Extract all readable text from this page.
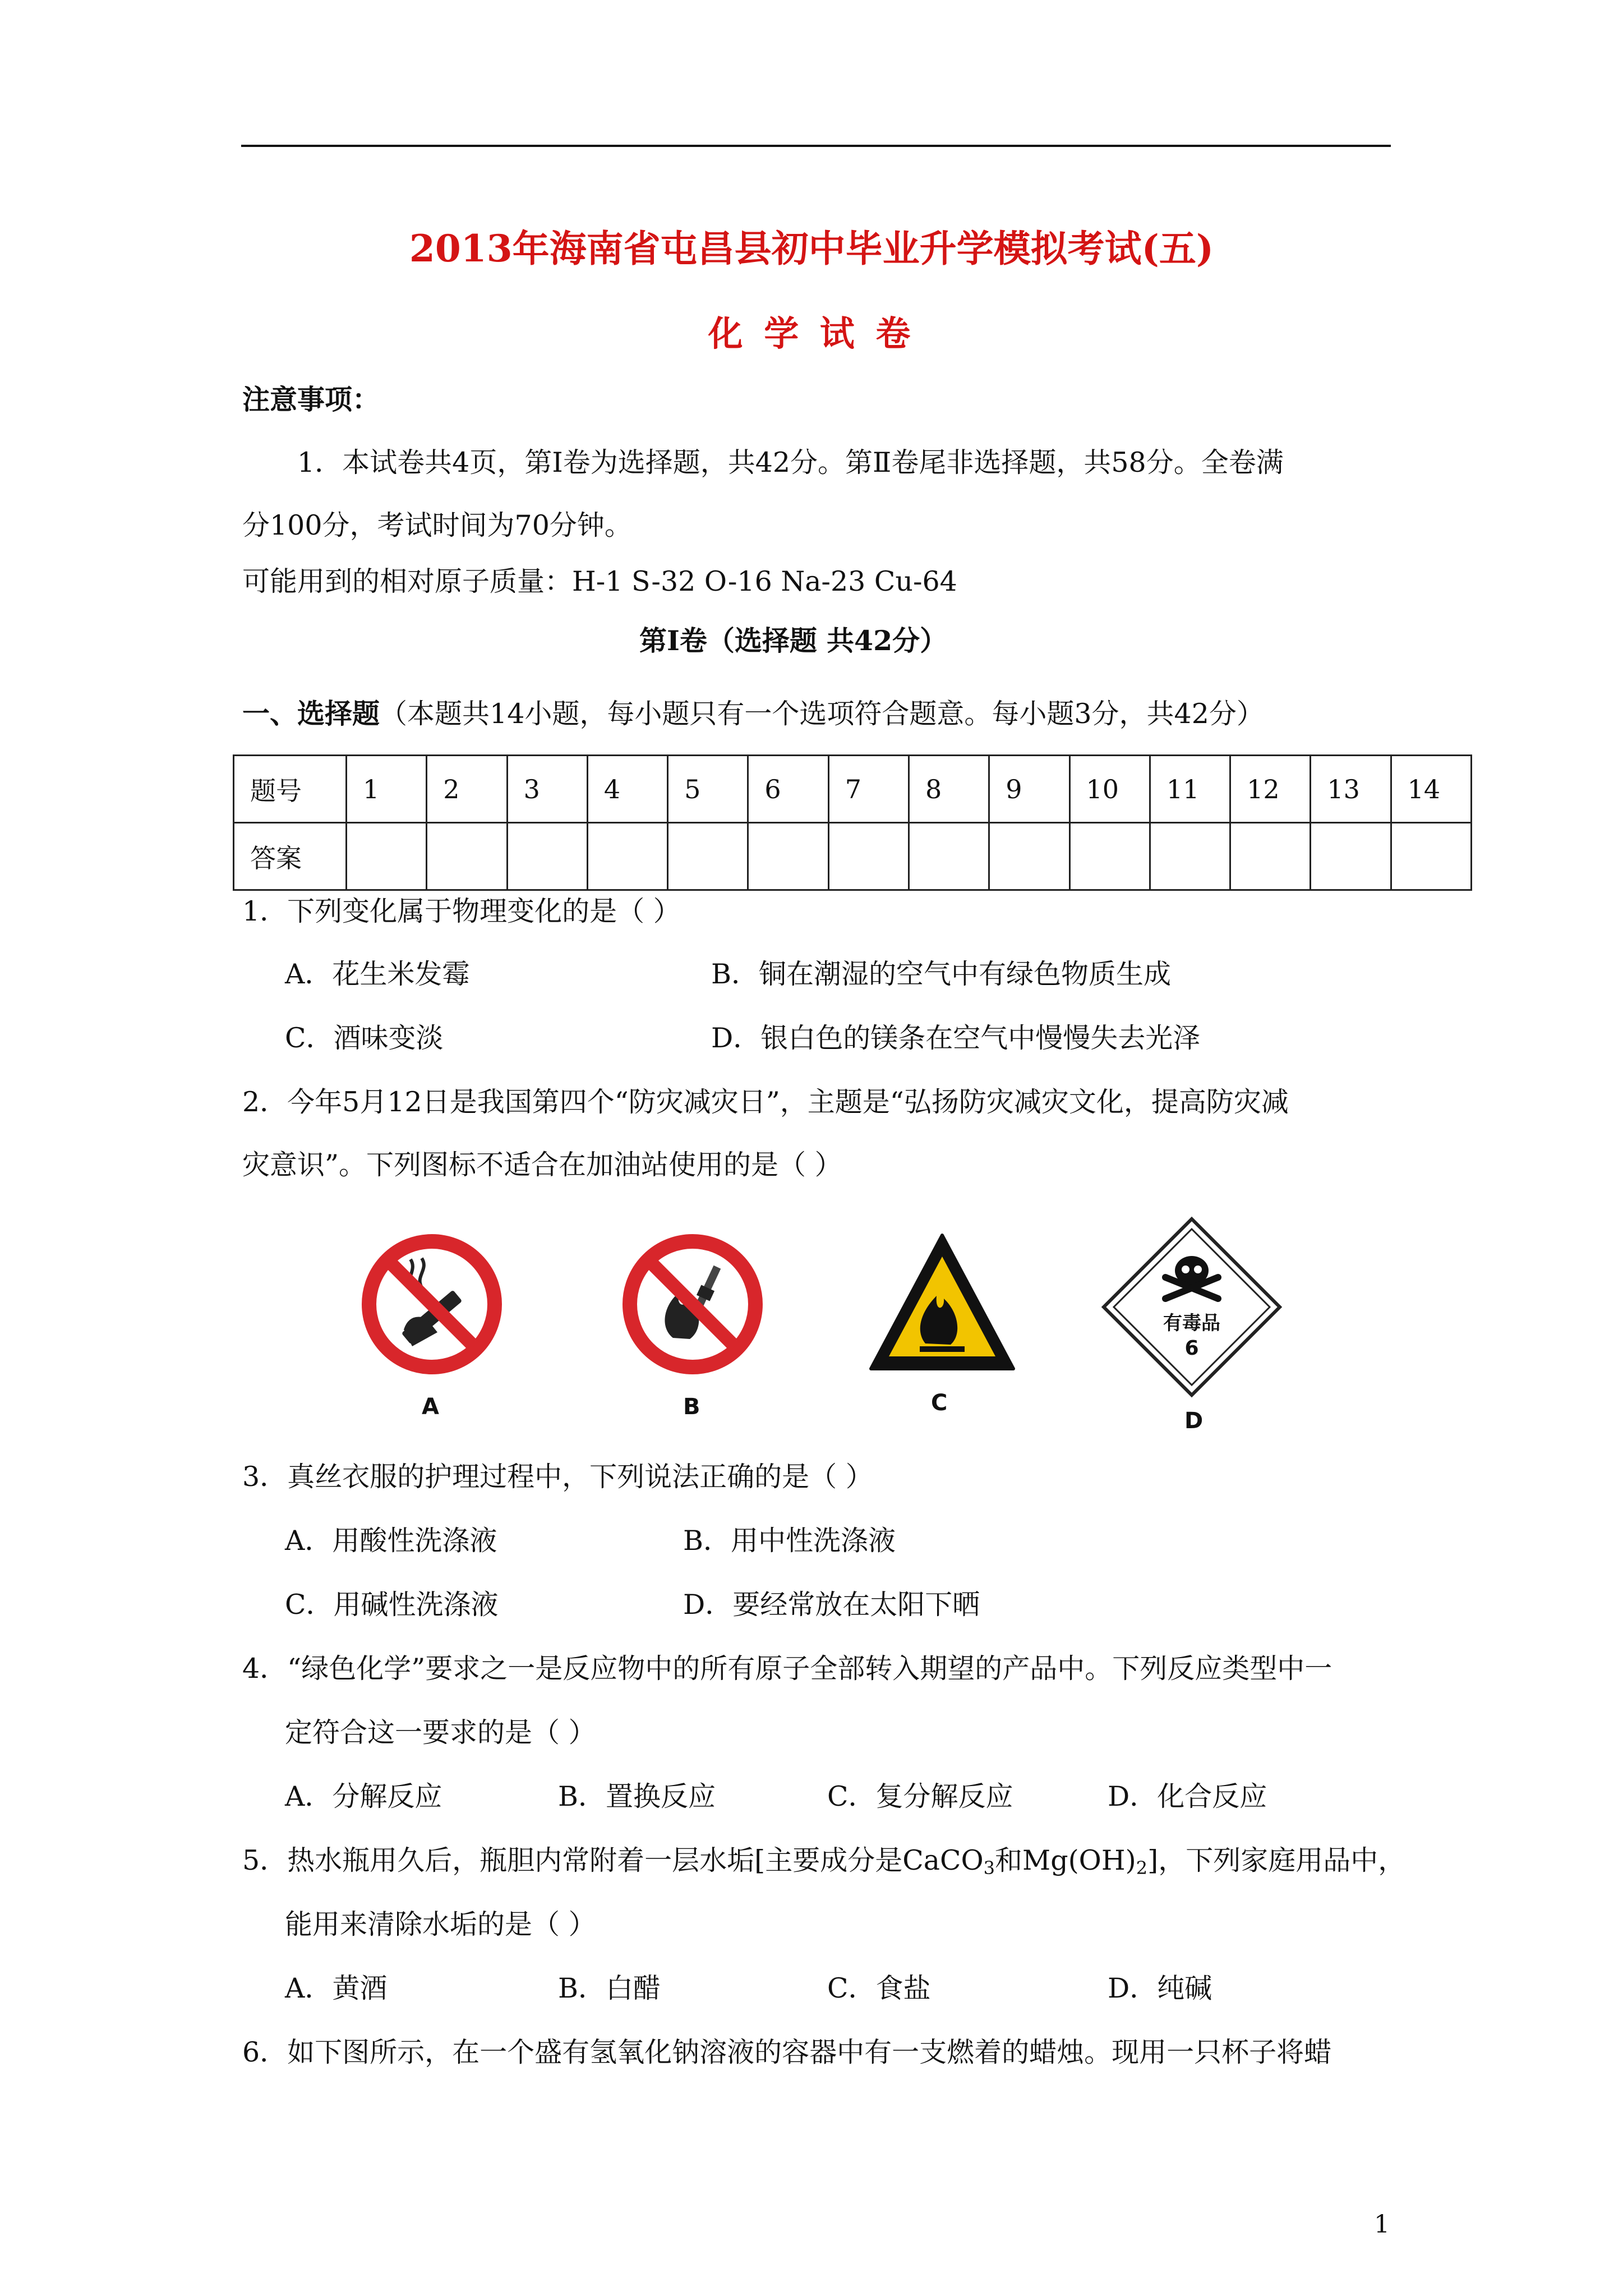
2013年海南省屯昌县初中毕业升学模拟考试(五)
化 学 试 卷
注意事项：
1．本试卷共4页，第Ⅰ卷为选择题，共42分。第Ⅱ卷尾非选择题，共58分。全卷满
分100分，考试时间为70分钟。
可能用到的相对原子质量：H-1 S-32 O-16 Na-23 Cu-64
第Ⅰ卷（选择题 共42分）
一、选择题（本题共14小题，每小题只有一个选项符合题意。每小题3分，共42分）
题号	1	2	3	4	5	6	7	8	9	10	11	12	13	14
答案														
1．下列变化属于物理变化的是（ ）
A．花生米发霉	B．铜在潮湿的空气中有绿色物质生成
C．酒味变淡	D．银白色的镁条在空气中慢慢失去光泽
2．今年5月12日是我国第四个“防灾减灾日”，主题是“弘扬防灾减灾文化，提高防灾减
灾意识”。下列图标不适合在加油站使用的是（ ）
A	B	C
有毒品
6
D
3．真丝衣服的护理过程中，下列说法正确的是（ ）
A．用酸性洗涤液	B．用中性洗涤液
C．用碱性洗涤液	D．要经常放在太阳下晒
4．“绿色化学”要求之一是反应物中的所有原子全部转入期望的产品中。下列反应类型中一
定符合这一要求的是（ ）
A．分解反应	B．置换反应	C．复分解反应	D．化合反应
5．热水瓶用久后，瓶胆内常附着一层水垢[主要成分是CaCO$_3$和$Mg(OH)_2$]，下列家庭用品中，
能用来清除水垢的是（ ）
A．黄酒	B．白醋	C．食盐	D．纯碱
6．如下图所示，在一个盛有氢氧化钠溶液的容器中有一支燃着的蜡烛。现用一只杯子将蜡
1
